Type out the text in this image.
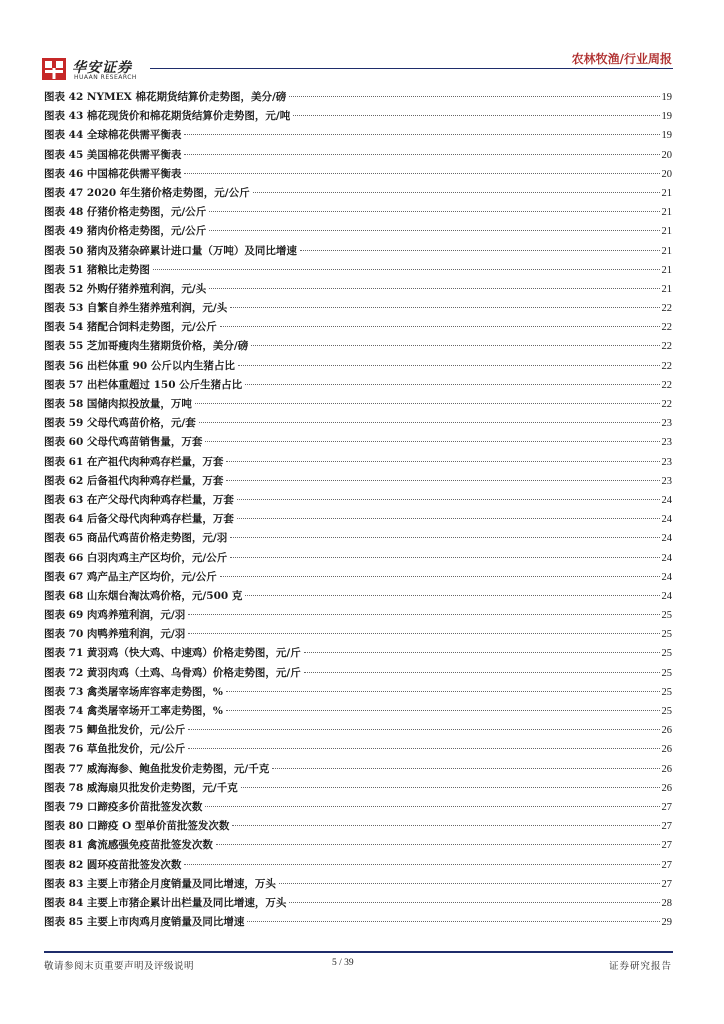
华安证券
HUAAN RESEARCH
农林牧渔/行业周报
图表 42 NYMEX 棉花期货结算价走势图，美分/磅	19
图表 43 棉花现货价和棉花期货结算价走势图，元/吨	19
图表 44 全球棉花供需平衡表	19
图表 45 美国棉花供需平衡表	20
图表 46 中国棉花供需平衡表	20
图表 47 2020 年生猪价格走势图，元/公斤	21
图表 48 仔猪价格走势图，元/公斤	21
图表 49 猪肉价格走势图，元/公斤	21
图表 50 猪肉及猪杂碎累计进口量（万吨）及同比增速	21
图表 51 猪粮比走势图	21
图表 52 外购仔猪养殖利润，元/头	21
图表 53 自繁自养生猪养殖利润，元/头	22
图表 54 猪配合饲料走势图，元/公斤	22
图表 55 芝加哥瘦肉生猪期货价格，美分/磅	22
图表 56 出栏体重 90 公斤以内生猪占比	22
图表 57 出栏体重超过 150 公斤生猪占比	22
图表 58 国储肉拟投放量，万吨	22
图表 59 父母代鸡苗价格，元/套	23
图表 60 父母代鸡苗销售量，万套	23
图表 61 在产祖代肉种鸡存栏量，万套	23
图表 62 后备祖代肉种鸡存栏量，万套	23
图表 63 在产父母代肉种鸡存栏量，万套	24
图表 64 后备父母代肉种鸡存栏量，万套	24
图表 65 商品代鸡苗价格走势图，元/羽	24
图表 66 白羽肉鸡主产区均价，元/公斤	24
图表 67 鸡产品主产区均价，元/公斤	24
图表 68 山东烟台淘汰鸡价格，元/500 克	24
图表 69 肉鸡养殖利润，元/羽	25
图表 70 肉鸭养殖利润，元/羽	25
图表 71 黄羽鸡（快大鸡、中速鸡）价格走势图，元/斤	25
图表 72 黄羽肉鸡（土鸡、乌骨鸡）价格走势图，元/斤	25
图表 73 禽类屠宰场库容率走势图，%	25
图表 74 禽类屠宰场开工率走势图，%	25
图表 75 鲫鱼批发价，元/公斤	26
图表 76 草鱼批发价，元/公斤	26
图表 77 威海海参、鲍鱼批发价走势图，元/千克	26
图表 78 威海扇贝批发价走势图，元/千克	26
图表 79 口蹄疫多价苗批签发次数	27
图表 80 口蹄疫 O 型单价苗批签发次数	27
图表 81 禽流感强免疫苗批签发次数	27
图表 82 圆环疫苗批签发次数	27
图表 83 主要上市猪企月度销量及同比增速，万头	27
图表 84 主要上市猪企累计出栏量及同比增速，万头	28
图表 85 主要上市肉鸡月度销量及同比增速	29
敬请参阅末页重要声明及评级说明	5 / 39	证券研究报告
